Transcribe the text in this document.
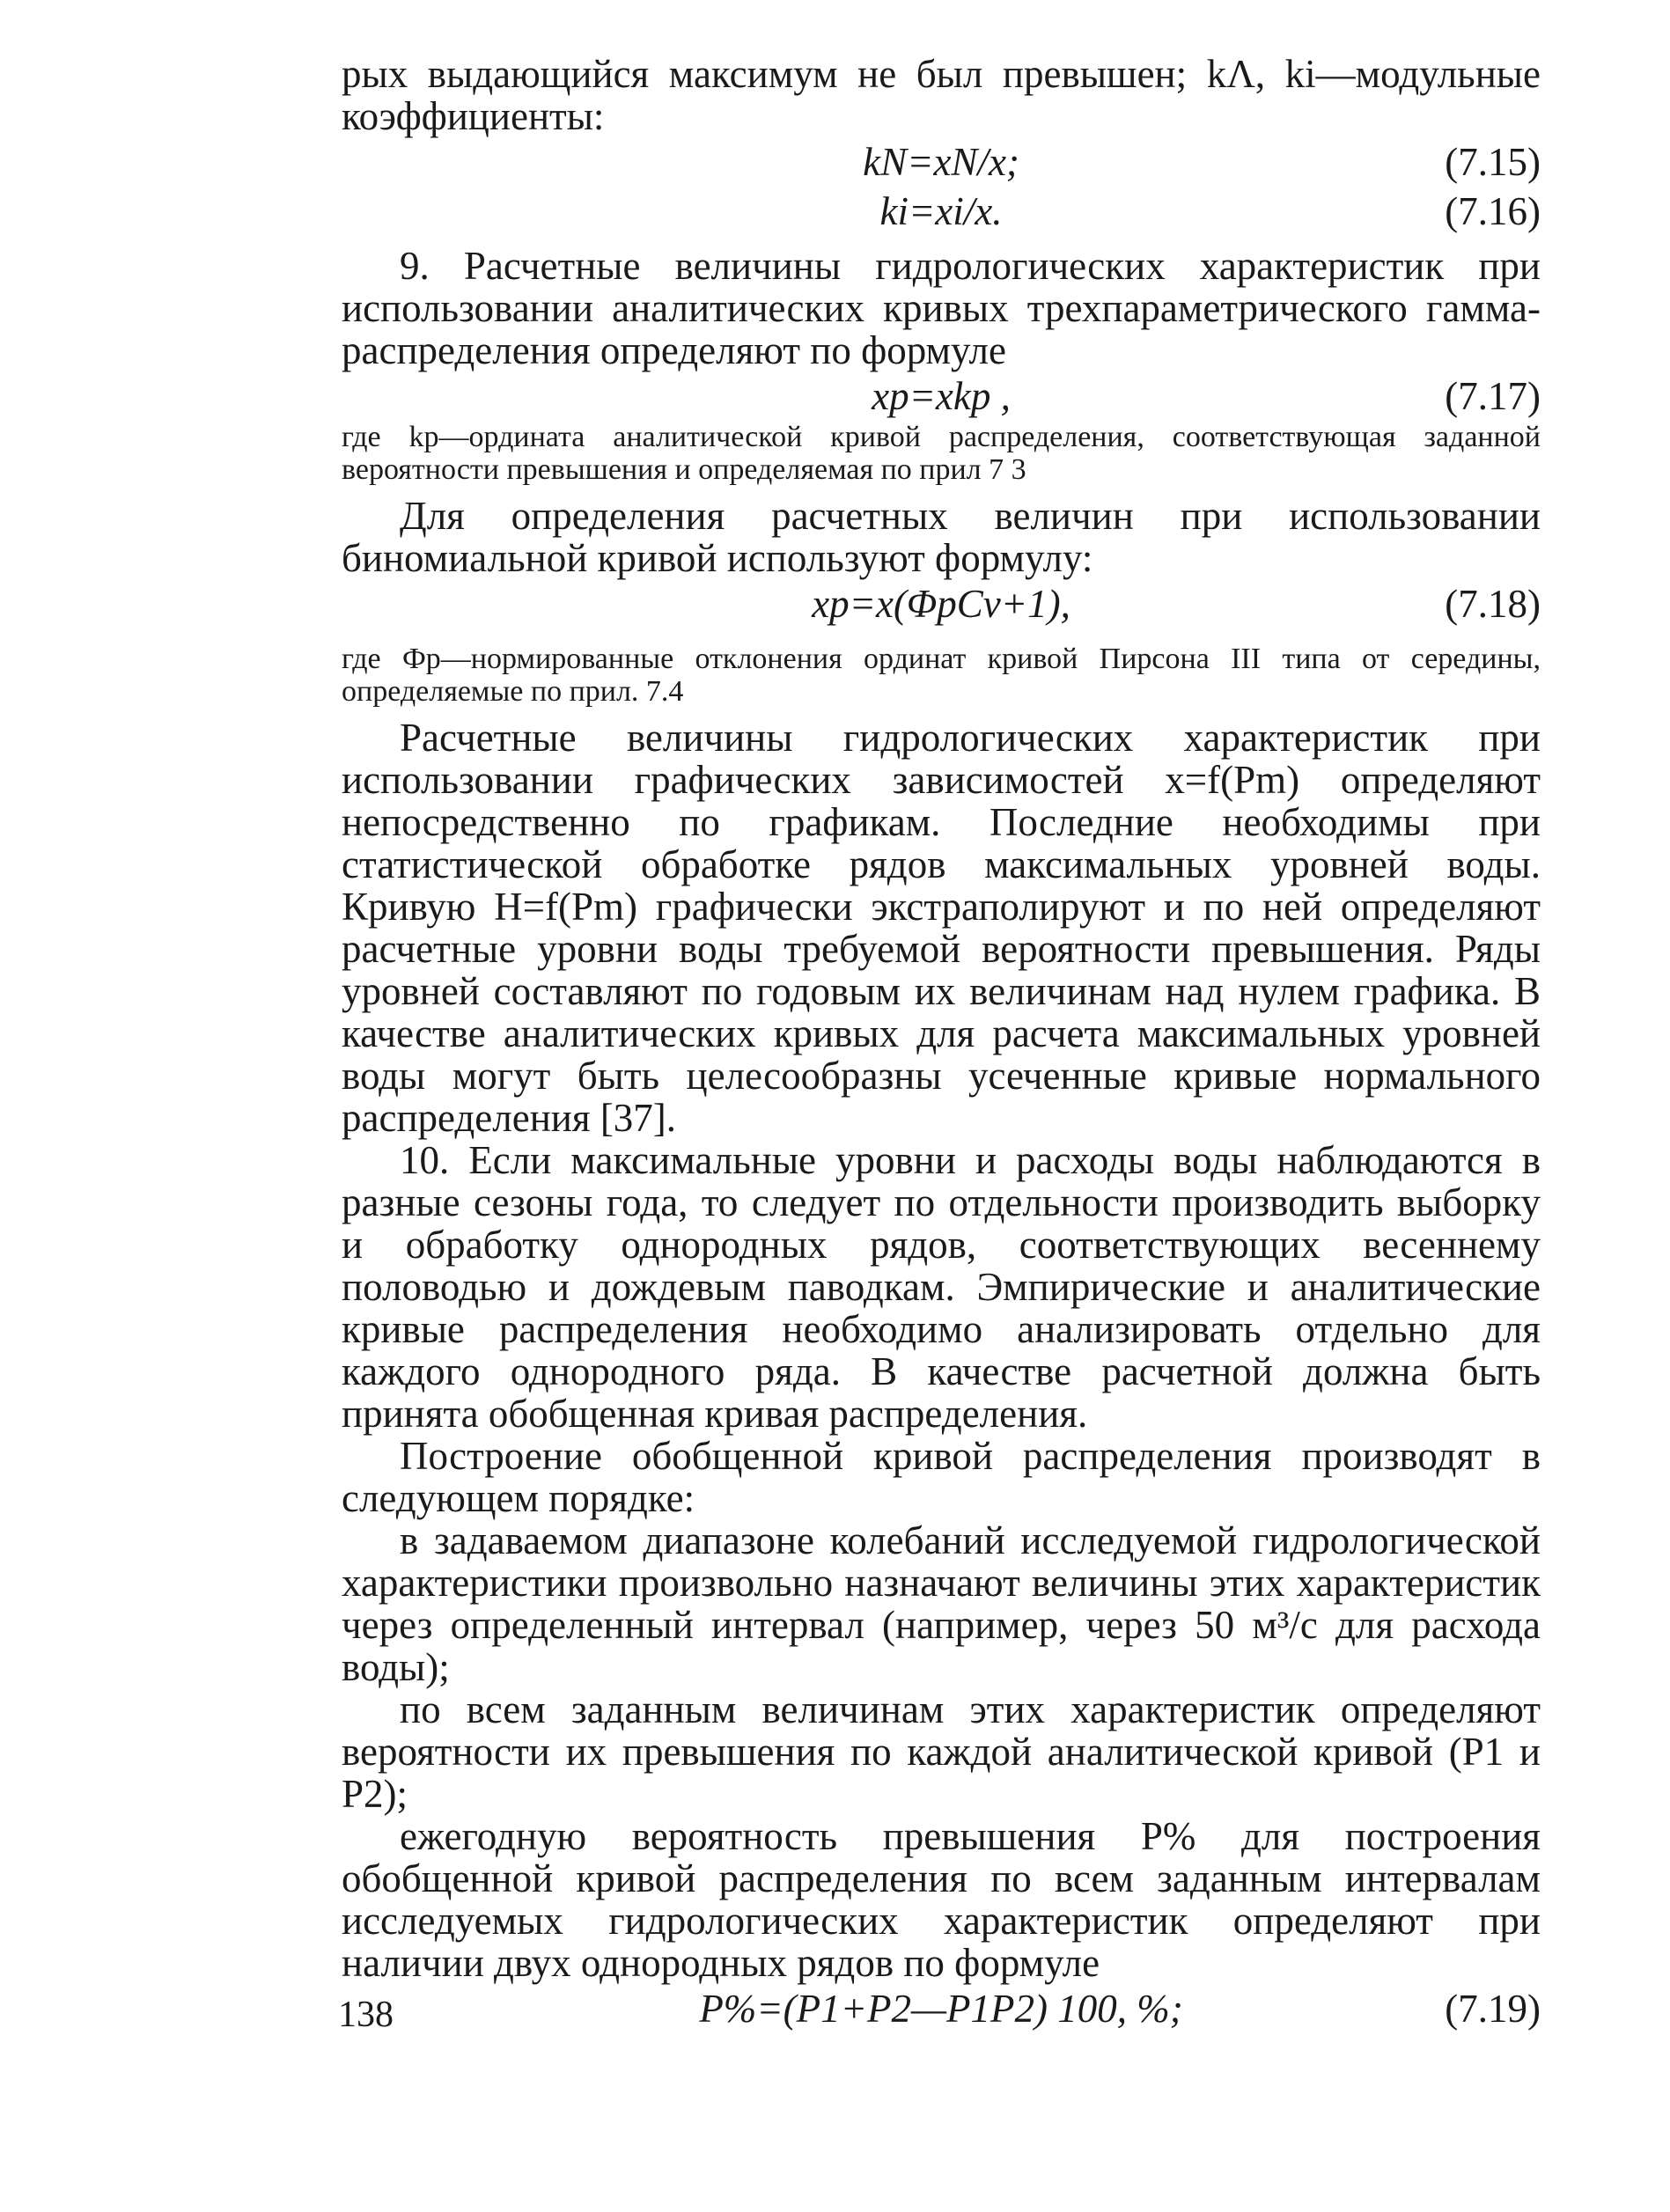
рых выдающийся максимум не был превышен; kΛ, ki—модульные коэффициенты:

kN=xN/x;	(7.15)
ki=xi/x.	(7.16)

9. Расчетные величины гидрологических характеристик при использовании аналитических кривых трехпараметрического гамма-распределения определяют по формуле

xp=xkp ,	(7.17)

где kр—ордината аналитической кривой распределения, соответствующая заданной вероятности превышения и определяемая по прил 7 3

Для определения расчетных величин при использовании биномиальной кривой используют формулу:

xp=x(ΦpCv+1),	(7.18)

где Фр—нормированные отклонения ординат кривой Пирсона III типа от середины, определяемые по прил. 7.4

Расчетные величины гидрологических характеристик при использовании графических зависимостей x=f(Pm) определяют непосредственно по графикам. Последние необходимы при статистической обработке рядов максимальных уровней воды. Кривую H=f(Pm) графически экстраполируют и по ней определяют расчетные уровни воды требуемой вероятности превышения. Ряды уровней составляют по годовым их величинам над нулем графика. В качестве аналитических кривых для расчета максимальных уровней воды могут быть целесообразны усеченные кривые нормального распределения [37].

10. Если максимальные уровни и расходы воды наблюдаются в разные сезоны года, то следует по отдельности производить выборку и обработку однородных рядов, соответствующих весеннему половодью и дождевым паводкам. Эмпирические и аналитические кривые распределения необходимо анализировать отдельно для каждого однородного ряда. В качестве расчетной должна быть принята обобщенная кривая распределения.

Построение обобщенной кривой распределения производят в следующем порядке:

в задаваемом диапазоне колебаний исследуемой гидрологической характеристики произвольно назначают величины этих характеристик через определенный интервал (например, через 50 м³/с для расхода воды);

по всем заданным величинам этих характеристик определяют вероятности их превышения по каждой аналитической кривой (P1 и P2);

ежегодную вероятность превышения P% для построения обобщенной кривой распределения по всем заданным интервалам исследуемых гидрологических характеристик определяют при наличии двух однородных рядов по формуле

P%=(P1+P2—P1P2) 100, %;	(7.19)
138
